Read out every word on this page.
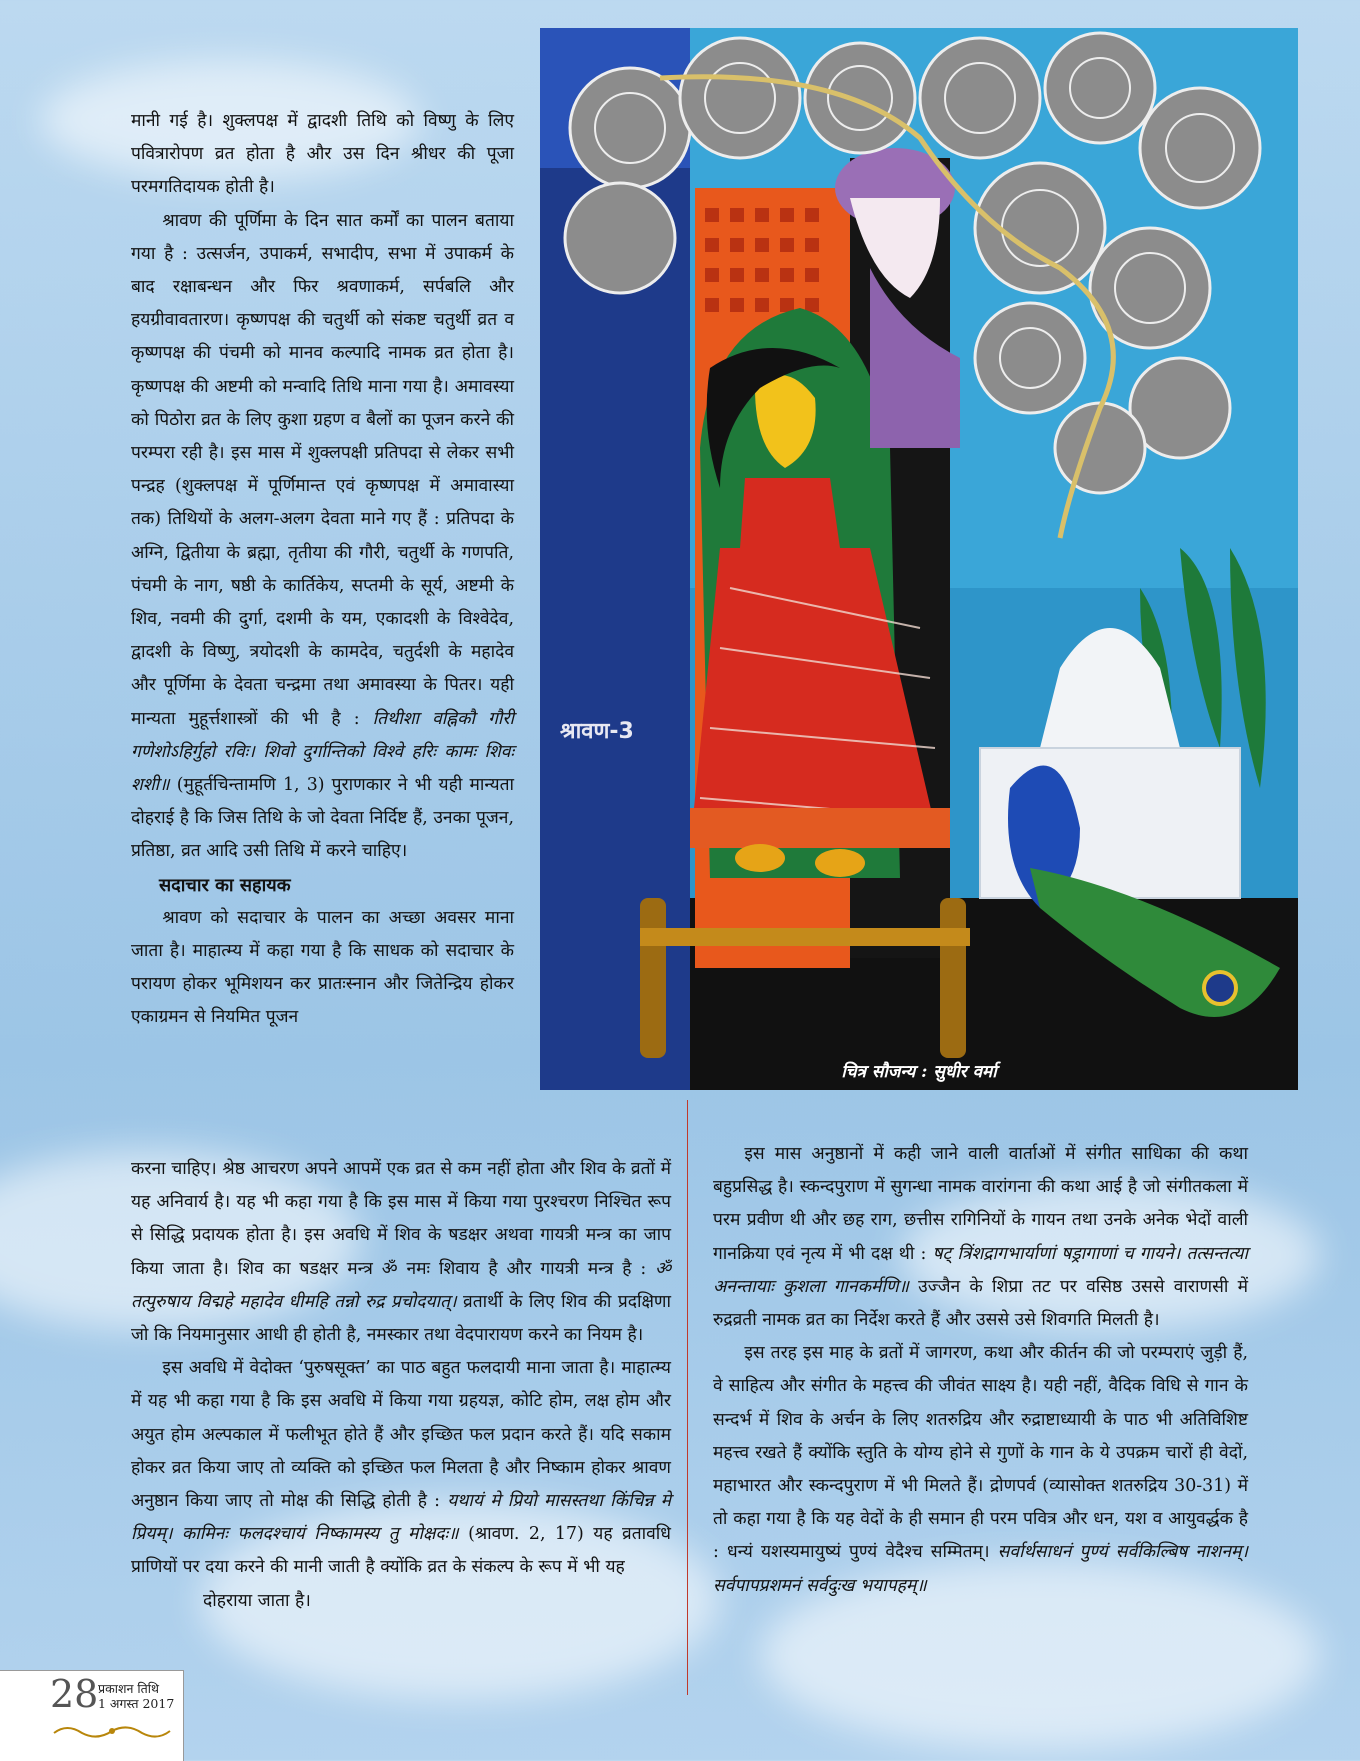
मानी गई है। शुक्लपक्ष में द्वादशी तिथि को विष्णु के लिए पवित्रारोपण व्रत होता है और उस दिन श्रीधर की पूजा परमगतिदायक होती है।

श्रावण की पूर्णिमा के दिन सात कर्मों का पालन बताया गया है : उत्सर्जन, उपाकर्म, सभादीप, सभा में उपाकर्म के बाद रक्षाबन्धन और फिर श्रवणाकर्म, सर्पबलि और हयग्रीवावतारण। कृष्णपक्ष की चतुर्थी को संकष्ट चतुर्थी व्रत व कृष्णपक्ष की पंचमी को मानव कल्पादि नामक व्रत होता है। कृष्णपक्ष की अष्टमी को मन्वादि तिथि माना गया है। अमावस्या को पिठोरा व्रत के लिए कुशा ग्रहण व बैलों का पूजन करने की परम्परा रही है। इस मास में शुक्लपक्षी प्रतिपदा से लेकर सभी पन्द्रह (शुक्लपक्ष में पूर्णिमान्त एवं कृष्णपक्ष में अमावास्या तक) तिथियों के अलग-अलग देवता माने गए हैं : प्रतिपदा के अग्नि, द्वितीया के ब्रह्मा, तृतीया की गौरी, चतुर्थी के गणपति, पंचमी के नाग, षष्ठी के कार्तिकेय, सप्तमी के सूर्य, अष्टमी के शिव, नवमी की दुर्गा, दशमी के यम, एकादशी के विश्वेदेव, द्वादशी के विष्णु, त्रयोदशी के कामदेव, चतुर्दशी के महादेव और पूर्णिमा के देवता चन्द्रमा तथा अमावस्या के पितर। यही मान्यता मुहूर्त्तशास्त्रों की भी है : तिथीशा वह्निकौ गौरी गणेशोऽहिर्गुहो रविः। शिवो दुर्गान्तिको विश्वे हरिः कामः शिवः शशी॥ (मुहूर्तचिन्तामणि 1, 3) पुराणकार ने भी यही मान्यता दोहराई है कि जिस तिथि के जो देवता निर्दिष्ट हैं, उनका पूजन, प्रतिष्ठा, व्रत आदि उसी तिथि में करने चाहिए।

सदाचार का सहायक

श्रावण को सदाचार के पालन का अच्छा अवसर माना जाता है। माहात्म्य में कहा गया है कि साधक को सदाचार के परायण होकर भूमिशयन कर प्रातःस्नान और जितेन्द्रिय होकर एकाग्रमन से नियमित पूजन

करना चाहिए। श्रेष्ठ आचरण अपने आपमें एक व्रत से कम नहीं होता और शिव के व्रतों में यह अनिवार्य है। यह भी कहा गया है कि इस मास में किया गया पुरश्चरण निश्चित रूप से सिद्धि प्रदायक होता है। इस अवधि में शिव के षडक्षर अथवा गायत्री मन्त्र का जाप किया जाता है। शिव का षडक्षर मन्त्र ॐ नमः शिवाय है और गायत्री मन्त्र है : ॐ तत्पुरुषाय विद्महे महादेव धीमहि तन्नो रुद्र प्रचोदयात्। व्रतार्थी के लिए शिव की प्रदक्षिणा जो कि नियमानुसार आधी ही होती है, नमस्कार तथा वेदपारायण करने का नियम है।

इस अवधि में वेदोक्त ‘पुरुषसूक्त’ का पाठ बहुत फलदायी माना जाता है। माहात्म्य में यह भी कहा गया है कि इस अवधि में किया गया ग्रहयज्ञ, कोटि होम, लक्ष होम और अयुत होम अल्पकाल में फलीभूत होते हैं और इच्छित फल प्रदान करते हैं। यदि सकाम होकर व्रत किया जाए तो व्यक्ति को इच्छित फल मिलता है और निष्काम होकर श्रावण अनुष्ठान किया जाए तो मोक्ष की सिद्धि होती है : यथायं मे प्रियो मासस्तथा किंचिन्न मे प्रियम्। कामिनः फलदश्चायं निष्कामस्य तु मोक्षदः॥ (श्रावण. 2, 17) यह व्रतावधि प्राणियों पर दया करने की मानी जाती है क्योंकि व्रत के संकल्प के रूप में भी यह

दोहराया जाता है।

इस मास अनुष्ठानों में कही जाने वाली वार्ताओं में संगीत साधिका की कथा बहुप्रसिद्ध है। स्कन्दपुराण में सुगन्धा नामक वारांगना की कथा आई है जो संगीतकला में परम प्रवीण थी और छह राग, छत्तीस रागिनियों के गायन तथा उनके अनेक भेदों वाली गानक्रिया एवं नृत्य में भी दक्ष थी : षट् त्रिंशद्रागभार्याणां षड्रागाणां च गायने। तत्सन्तत्या अनन्तायाः कुशला गानकर्मणि॥ उज्जैन के शिप्रा तट पर वसिष्ठ उससे वाराणसी में रुद्रव्रती नामक व्रत का निर्देश करते हैं और उससे उसे शिवगति मिलती है।

इस तरह इस माह के व्रतों में जागरण, कथा और कीर्तन की जो परम्पराएं जुड़ी हैं, वे साहित्य और संगीत के महत्त्व की जीवंत साक्ष्य है। यही नहीं, वैदिक विधि से गान के सन्दर्भ में शिव के अर्चन के लिए शतरुद्रिय और रुद्राष्टाध्यायी के पाठ भी अतिविशिष्ट महत्त्व रखते हैं क्योंकि स्तुति के योग्य होने से गुणों के गान के ये उपक्रम चारों ही वेदों, महाभारत और स्कन्दपुराण में भी मिलते हैं। द्रोणपर्व (व्यासोक्त शतरुद्रिय 30-31) में तो कहा गया है कि यह वेदों के ही समान ही परम पवित्र और धन, यश व आयुवर्द्धक है : धन्यं यशस्यमायुष्यं पुण्यं वेदैश्च सम्मितम्। सर्वार्थसाधनं पुण्यं सर्वकिल्बिष नाशनम्। सर्वपापप्रशमनं सर्वदुःख भयापहम्॥

श्रावण-3
चित्र सौजन्य : सुधीर वर्मा
28 प्रकाशन तिथि
1 अगस्त 2017
